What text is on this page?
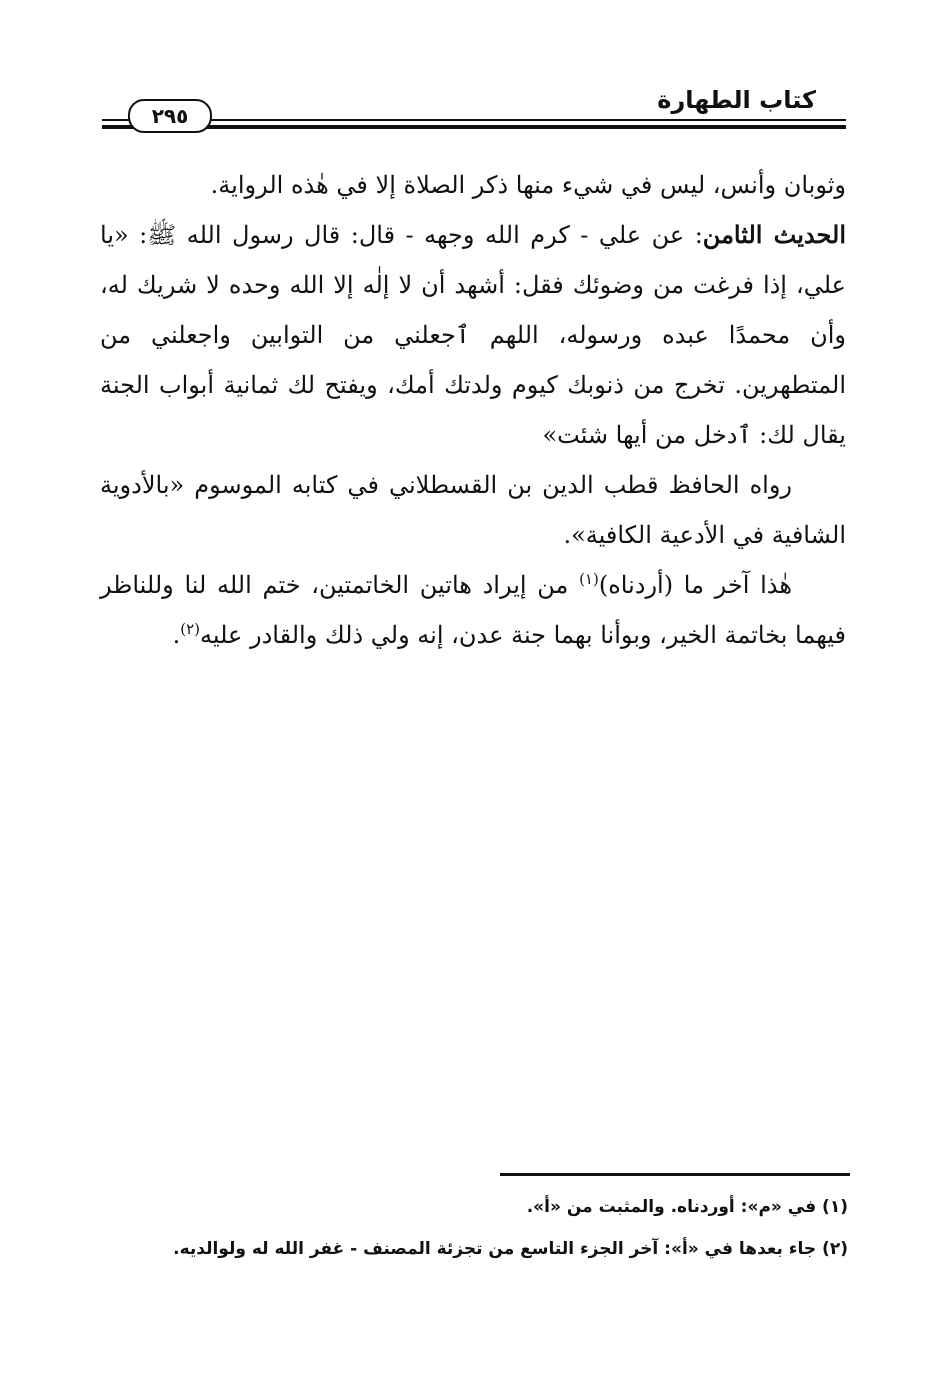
كتاب الطهارة
٢٩٥

وثوبان وأنس، ليس في شيء منها ذكر الصلاة إلا في هٰذه الرواية.

الحديث الثامن: عن علي - كرم الله وجهه - قال: قال رسول الله ﷺ: «يا علي، إذا فرغت من وضوئك فقل: أشهد أن لا إلٰه إلا الله وحده لا شريك له، وأن محمدًا عبده ورسوله، اللهم ٱجعلني من التوابين واجعلني من المتطهرين. تخرج من ذنوبك كيوم ولدتك أمك، ويفتح لك ثمانية أبواب الجنة يقال لك: ٱدخل من أيها شئت»

رواه الحافظ قطب الدين بن القسطلاني في كتابه الموسوم «بالأدوية الشافية في الأدعية الكافية».

هٰذا آخر ما (أردناه)$^{(١)}$ من إيراد هاتين الخاتمتين، ختم الله لنا وللناظر فيهما بخاتمة الخير، وبوأنا بهما جنة عدن، إنه ولي ذلك والقادر عليه$^{(٢)}$.

(١) في «م»: أوردناه. والمثبت من «أ».
(٢) جاء بعدها في «أ»: آخر الجزء التاسع من تجزئة المصنف - غفر الله له ولوالديه.
